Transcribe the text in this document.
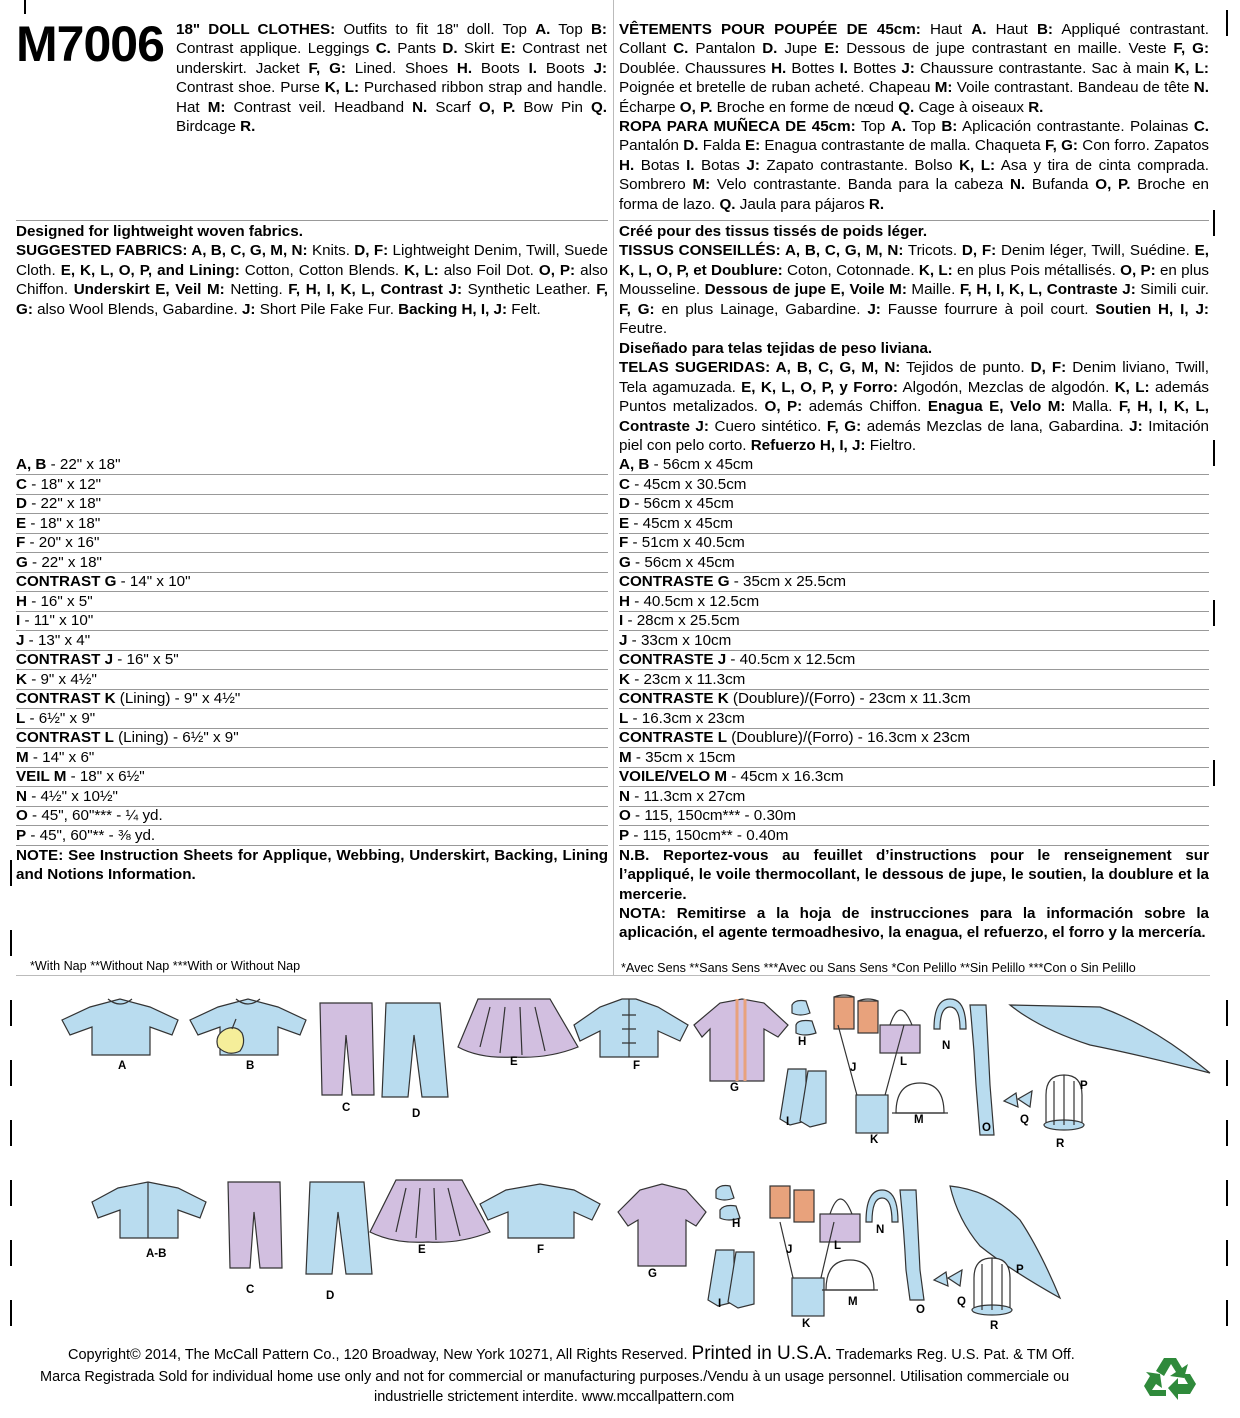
M7006 18" DOLL CLOTHES: Outfits to fit 18" doll. Top A. Top B: Contrast applique. Leggings C. Pants D. Skirt E: Contrast net underskirt. Jacket F, G: Lined. Shoes H. Boots I. Boots J: Contrast shoe. Purse K, L: Purchased ribbon strap and handle. Hat M: Contrast veil. Headband N. Scarf O, P. Bow Pin Q. Birdcage R.

VÊTEMENTS POUR POUPÉE DE 45cm: Haut A. Haut B: Appliqué contrastant. Collant C. Pantalon D. Jupe E: Dessous de jupe contrastant en maille. Veste F, G: Doublée. Chaussures H. Bottes I. Bottes J: Chaussure contrastante. Sac à main K, L: Poignée et bretelle de ruban acheté. Chapeau M: Voile contrastant. Bandeau de tête N. Écharpe O, P. Broche en forme de nœud Q. Cage à oiseaux R.

ROPA PARA MUÑECA DE 45cm: Top A. Top B: Aplicación contrastante. Polainas C. Pantalón D. Falda E: Enagua contrastante de malla. Chaqueta F, G: Con forro. Zapatos H. Botas I. Botas J: Zapato contrastante. Bolso K, L: Asa y tira de cinta comprada. Sombrero M: Velo contrastante. Banda para la cabeza N. Bufanda O, P. Broche en forma de lazo. Q. Jaula para pájaros R.

Designed for lightweight woven fabrics.
SUGGESTED FABRICS: A, B, C, G, M, N: Knits. D, F: Lightweight Denim, Twill, Suede Cloth. E, K, L, O, P, and Lining: Cotton, Cotton Blends. K, L: also Foil Dot. O, P: also Chiffon. Underskirt E, Veil M: Netting. F, H, I, K, L, Contrast J: Synthetic Leather. F, G: also Wool Blends, Gabardine. J: Short Pile Fake Fur. Backing H, I, J: Felt.

Créé pour des tissus tissés de poids léger.
TISSUS CONSEILLÉS: A, B, C, G, M, N: Tricots. D, F: Denim léger, Twill, Suédine. E, K, L, O, P, et Doublure: Coton, Cotonnade. K, L: en plus Pois métallisés. O, P: en plus Mousseline. Dessous de jupe E, Voile M: Maille. F, H, I, K, L, Contraste J: Simili cuir. F, G: en plus Lainage, Gabardine. J: Fausse fourrure à poil court. Soutien H, I, J: Feutre.

Diseñado para telas tejidas de peso liviana.
TELAS SUGERIDAS: A, B, C, G, M, N: Tejidos de punto. D, F: Denim liviano, Twill, Tela agamuzada. E, K, L, O, P, y Forro: Algodón, Mezclas de algodón. K, L: además Puntos metalizados. O, P: además Chiffon. Enagua E, Velo M: Malla. F, H, I, K, L, Contraste J: Cuero sintético. F, G: además Mezclas de lana, Gabardina. J: Imitación piel con pelo corto. Refuerzo H, I, J: Fieltro.

A, B - 22" x 18"
C - 18" x 12"
D - 22" x 18"
E - 18" x 18"
F - 20" x 16"
G - 22" x 18"
CONTRAST G - 14" x 10"
H - 16" x 5"
I - 11" x 10"
J - 13" x 4"
CONTRAST J - 16" x 5"
K - 9" x 4½"
CONTRAST K (Lining) - 9" x 4½"
L - 6½" x 9"
CONTRAST L (Lining) - 6½" x 9"
M - 14" x 6"
VEIL M - 18" x 6½"
N - 4½" x 10½"
O - 45", 60"*** - ¼ yd.
P - 45", 60"** - ⅜ yd.
A, B - 56cm x 45cm
C - 45cm x 30.5cm
D - 56cm x 45cm
E - 45cm x 45cm
F - 51cm x 40.5cm
G - 56cm x 45cm
CONTRASTE G - 35cm x 25.5cm
H - 40.5cm x 12.5cm
I - 28cm x 25.5cm
J - 33cm x 10cm
CONTRASTE J - 40.5cm x 12.5cm
K - 23cm x 11.3cm
CONTRASTE K (Doublure)/(Forro) - 23cm x 11.3cm
L - 16.3cm x 23cm
CONTRASTE L (Doublure)/(Forro) - 16.3cm x 23cm
M - 35cm x 15cm
VOILE/VELO M - 45cm x 16.3cm
N - 11.3cm x 27cm
O - 115, 150cm*** - 0.30m
P - 115, 150cm** - 0.40m

NOTE: See Instruction Sheets for Applique, Webbing, Underskirt, Backing, Lining and Notions Information.

N.B. Reportez-vous au feuillet d’instructions pour le renseignement sur l’appliqué, le voile thermocollant, le dessous de jupe, le soutien, la doublure et la mercerie.

NOTA: Remitirse a la hoja de instrucciones para la información sobre la aplicación, el agente termoadhesivo, la enagua, el refuerzo, el forro y la mercería.

*With Nap **Without Nap ***With or Without Nap	*Avec Sens **Sans Sens ***Avec ou Sans Sens *Con Pelillo **Sin Pelillo ***Con o Sin Pelillo
A	B
C	D
E	F
G
H
J	L
N
I	M
K
O
P
Q
R
A-B
C	D
E	F
G
H
J	L
N
I	M
K
O
P
Q
R
Copyright© 2014, The McCall Pattern Co., 120 Broadway, New York 10271, All Rights Reserved. Printed in U.S.A. Trademarks Reg. U.S. Pat. & TM Off.
Marca Registrada Sold for individual home use only and not for commercial or manufacturing purposes./Vendu à un usage personnel. Utilisation commerciale ou
industrielle strictement interdite. www.mccallpattern.com
